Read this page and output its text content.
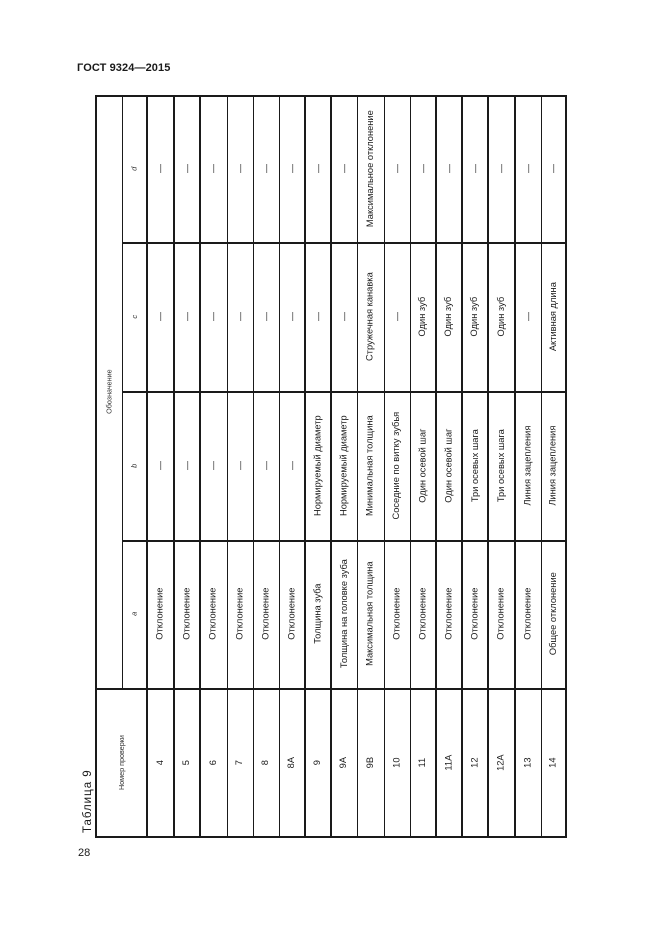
ГОСТ 9324—2015
28
Таблица 9
Обозначение
Номер проверки
d
c
b
a
—
—
—
Отклонение
4
—
—
—
Отклонение
5
—
—
—
Отклонение
6
—
—
—
Отклонение
7
—
—
—
Отклонение
8
—
—
—
Отклонение
8A
—
—
Нормируемый диаметр
Толщина зуба
9
—
—
Нормируемый диаметр
Толщина на головке зуба
9A
Максимальное отклонение
Стружечная канавка
Минимальная толщина
Максимальная толщина
9B
—
—
Соседние по витку зубья
Отклонение
10
—
Один зуб
Один осевой шаг
Отклонение
11
—
Один зуб
Один осевой шаг
Отклонение
11A
—
Один зуб
Три осевых шага
Отклонение
12
—
Один зуб
Три осевых шага
Отклонение
12A
—
—
Линия зацепления
Отклонение
13
—
Активная длина
Линия зацепления
Общее отклонение
14
